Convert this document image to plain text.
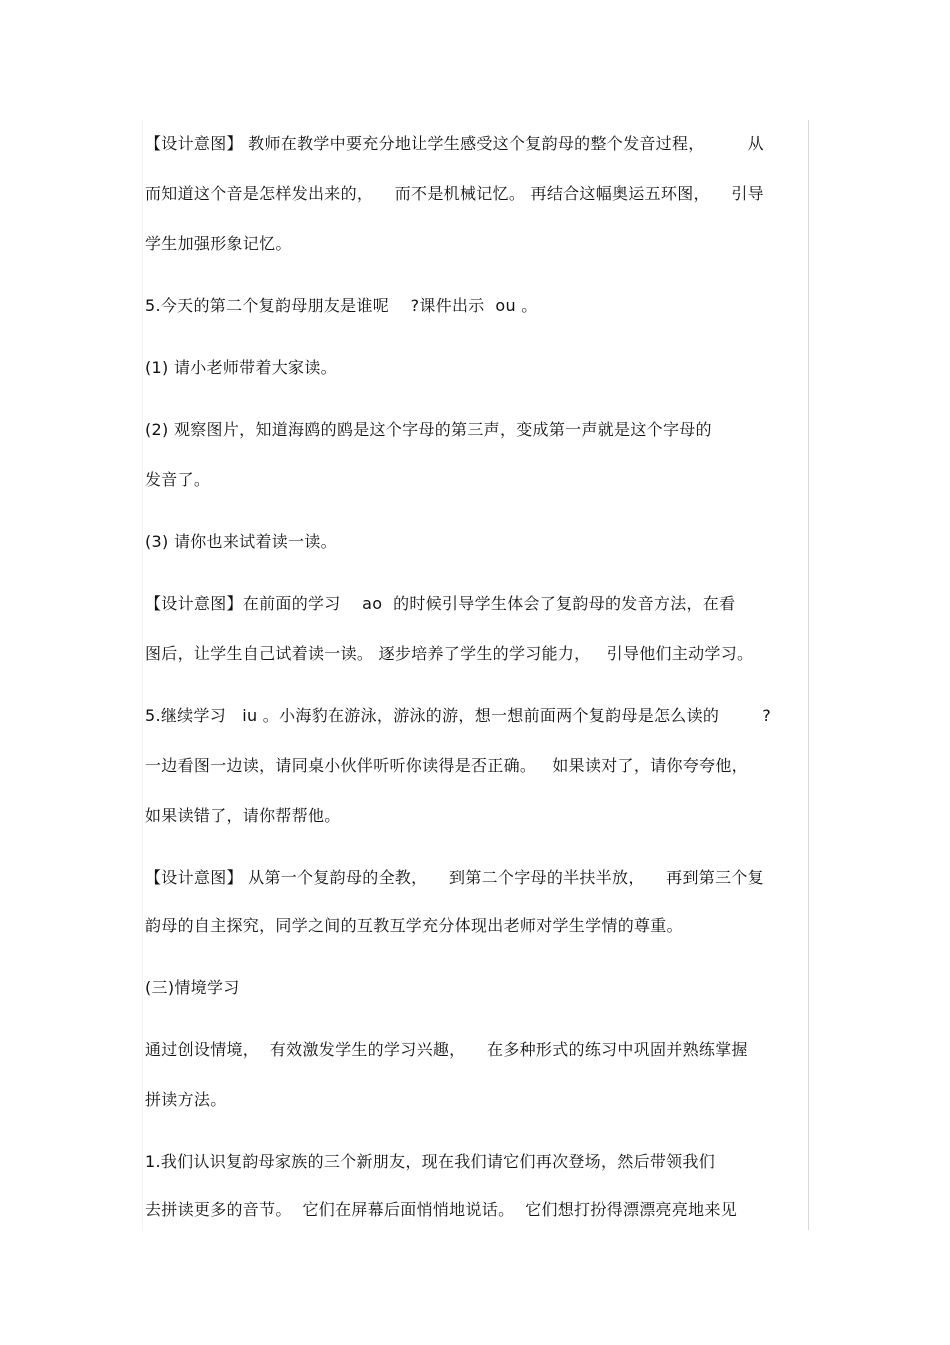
【设计意图】 教师在教学中要充分地让学生感受这个复韵母的整个发音过程，        从
而知道这个音是怎样发出来的，    而不是机械记忆。 再结合这幅奥运五环图，    引导
学生加强形象记忆。
5.今天的第二个复韵母朋友是谁呢    ?课件出示  ou 。
(1) 请小老师带着大家读。
(2) 观察图片，知道海鸥的鸥是这个字母的第三声，变成第一声就是这个字母的
发音了。
(3) 请你也来试着读一读。
【设计意图】在前面的学习    ao  的时候引导学生体会了复韵母的发音方法，在看
图后，让学生自己试着读一读。 逐步培养了学生的学习能力，   引导他们主动学习。
5.继续学习   iu 。小海豹在游泳，游泳的游，想一想前面两个复韵母是怎么读的        ?
一边看图一边读，请同桌小伙伴听听你读得是否正确。   如果读对了，请你夸夸他，
如果读错了，请你帮帮他。
【设计意图】 从第一个复韵母的全教，    到第二个字母的半扶半放，    再到第三个复
韵母的自主探究，同学之间的互教互学充分体现出老师对学生学情的尊重。
(三)情境学习
通过创设情境，  有效激发学生的学习兴趣，    在多种形式的练习中巩固并熟练掌握
拼读方法。
1.我们认识复韵母家族的三个新朋友，现在我们请它们再次登场，然后带领我们
去拼读更多的音节。  它们在屏幕后面悄悄地说话。  它们想打扮得漂漂亮亮地来见
